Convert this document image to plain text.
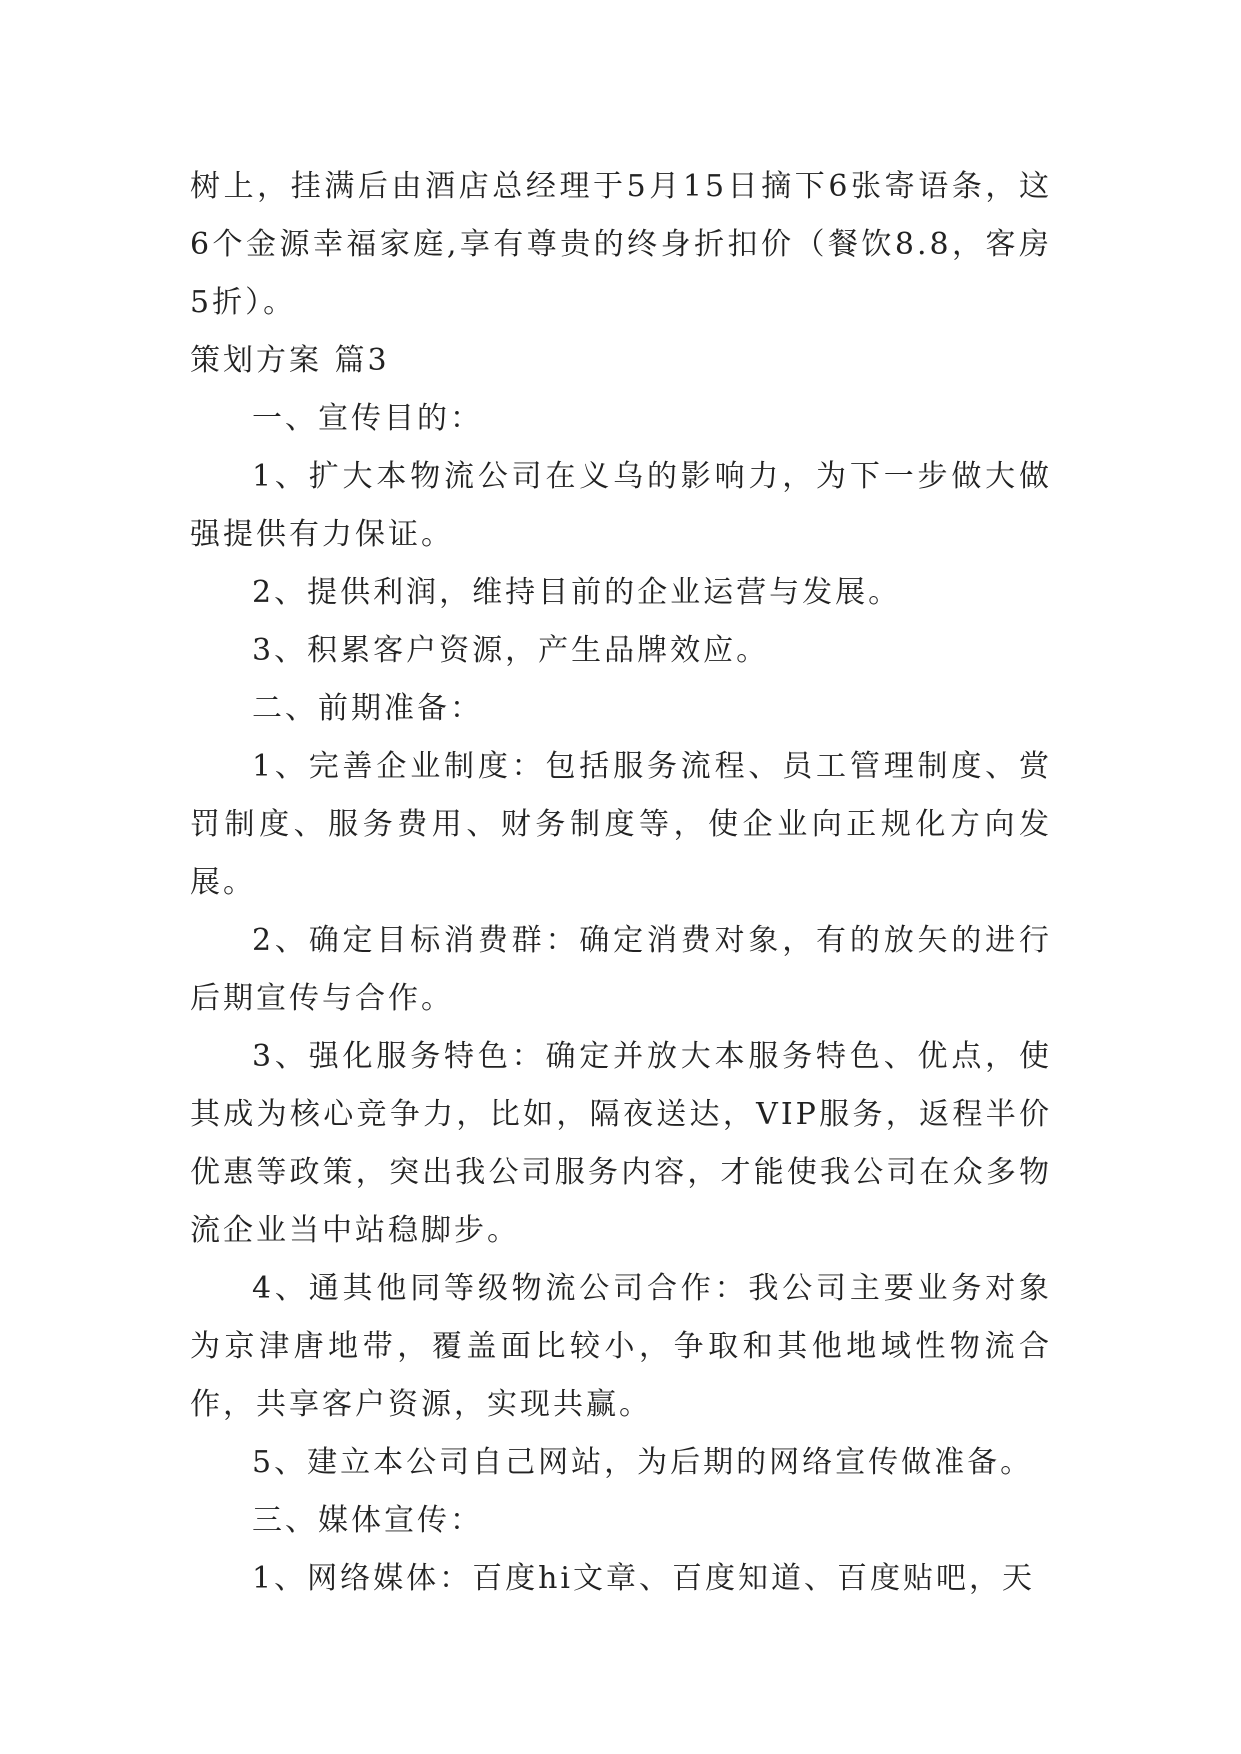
树上，挂满后由酒店总经理于5月15日摘下6张寄语条，这6个金源幸福家庭,享有尊贵的终身折扣价（餐饮8.8，客房5折）。

策划方案 篇3

一、宣传目的：

1、扩大本物流公司在义乌的影响力，为下一步做大做强提供有力保证。

2、提供利润，维持目前的企业运营与发展。

3、积累客户资源，产生品牌效应。

二、前期准备：

1、完善企业制度：包括服务流程、员工管理制度、赏罚制度、服务费用、财务制度等，使企业向正规化方向发展。

2、确定目标消费群：确定消费对象，有的放矢的进行后期宣传与合作。

3、强化服务特色：确定并放大本服务特色、优点，使其成为核心竞争力，比如，隔夜送达，VIP服务，返程半价优惠等政策，突出我公司服务内容，才能使我公司在众多物流企业当中站稳脚步。

4、通其他同等级物流公司合作：我公司主要业务对象为京津唐地带，覆盖面比较小，争取和其他地域性物流合作，共享客户资源，实现共赢。

5、建立本公司自己网站，为后期的网络宣传做准备。

三、媒体宣传：

1、网络媒体：百度hi文章、百度知道、百度贴吧，天
